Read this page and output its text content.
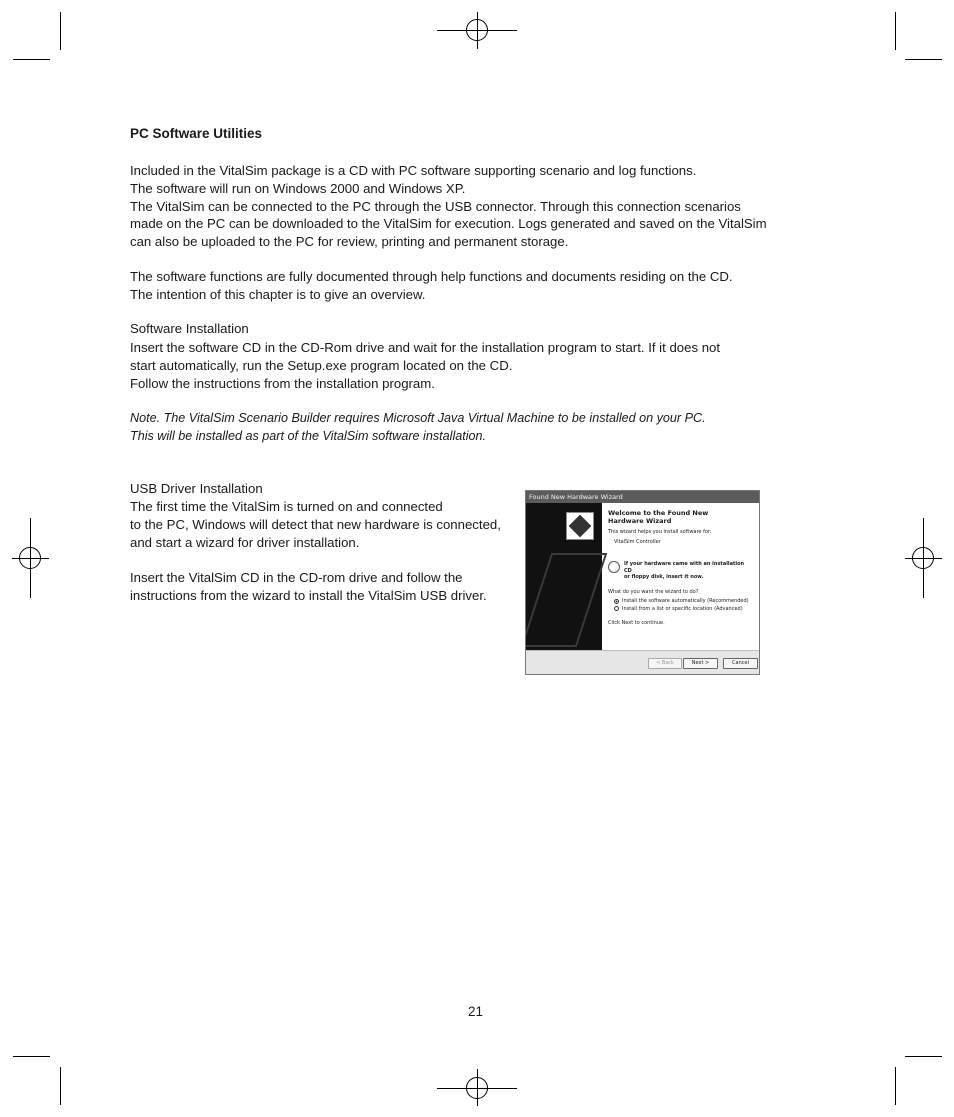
PC Software Utilities

Included in the VitalSim package is a CD with PC software supporting scenario and log functions.
The software will run on Windows 2000 and Windows XP.
The VitalSim can be connected to the PC through the USB connector. Through this connection scenarios
made on the PC can be downloaded to the VitalSim for execution. Logs generated and saved on the VitalSim
can also be uploaded to the PC for review, printing and permanent storage.

The software functions are fully documented through help functions and documents residing on the CD.
The intention of this chapter is to give an overview.

Software Installation

Insert the software CD in the CD-Rom drive and wait for the installation program to start. If it does not
start automatically, run the Setup.exe program located on the CD.
Follow the instructions from the installation program.

Note. The VitalSim Scenario Builder requires Microsoft Java Virtual Machine to be installed on your PC.
This will be installed as part of the VitalSim software installation.

USB Driver Installation

The first time the VitalSim is turned on and connected
to the PC, Windows will detect that new hardware is connected,
and start a wizard for driver installation.

Insert the VitalSim CD in the CD-rom drive and follow the
instructions from the wizard to install the VitalSim USB driver.

Found New Hardware Wizard
Welcome to the Found New
Hardware Wizard
This wizard helps you install software for:
VitalSim Controller
If your hardware came with an installation CD
or floppy disk, insert it now.
What do you want the wizard to do?
Install the software automatically (Recommended)
Install from a list or specific location (Advanced)
Click Next to continue.
< Back	Next >	Cancel
21
